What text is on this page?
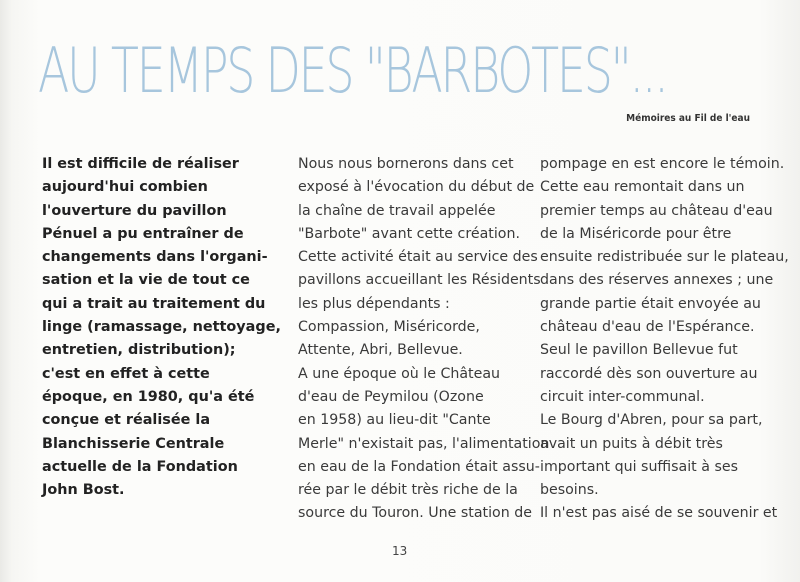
AU TEMPS DES "BARBOTES"...
Mémoires au Fil de l'eau
Il est difficile de réaliser
aujourd'hui combien
l'ouverture du pavillon
Pénuel a pu entraîner de
changements dans l'organi-
sation et la vie de tout ce
qui a trait au traitement du
linge (ramassage, nettoyage,
entretien, distribution);
c'est en effet à cette
époque, en 1980, qu'a été
conçue et réalisée la
Blanchisserie Centrale
actuelle de la Fondation
John Bost.
Nous nous bornerons dans cet
exposé à l'évocation du début de
la chaîne de travail appelée
"Barbote" avant cette création.
Cette activité était au service des
pavillons accueillant les Résidents
les plus dépendants :
Compassion, Miséricorde,
Attente, Abri, Bellevue.
A une époque où le Château
d'eau de Peymilou (Ozone
en 1958) au lieu-dit "Cante
Merle" n'existait pas, l'alimentation
en eau de la Fondation était assu-
rée par le débit très riche de la
source du Touron. Une station de
pompage en est encore le témoin.
Cette eau remontait dans un
premier temps au château d'eau
de la Miséricorde pour être
ensuite redistribuée sur le plateau,
dans des réserves annexes ; une
grande partie était envoyée au
château d'eau de l'Espérance.
Seul le pavillon Bellevue fut
raccordé dès son ouverture au
circuit inter-communal.
Le Bourg d'Abren, pour sa part,
avait un puits à débit très
important qui suffisait à ses
besoins.
Il n'est pas aisé de se souvenir et
13
